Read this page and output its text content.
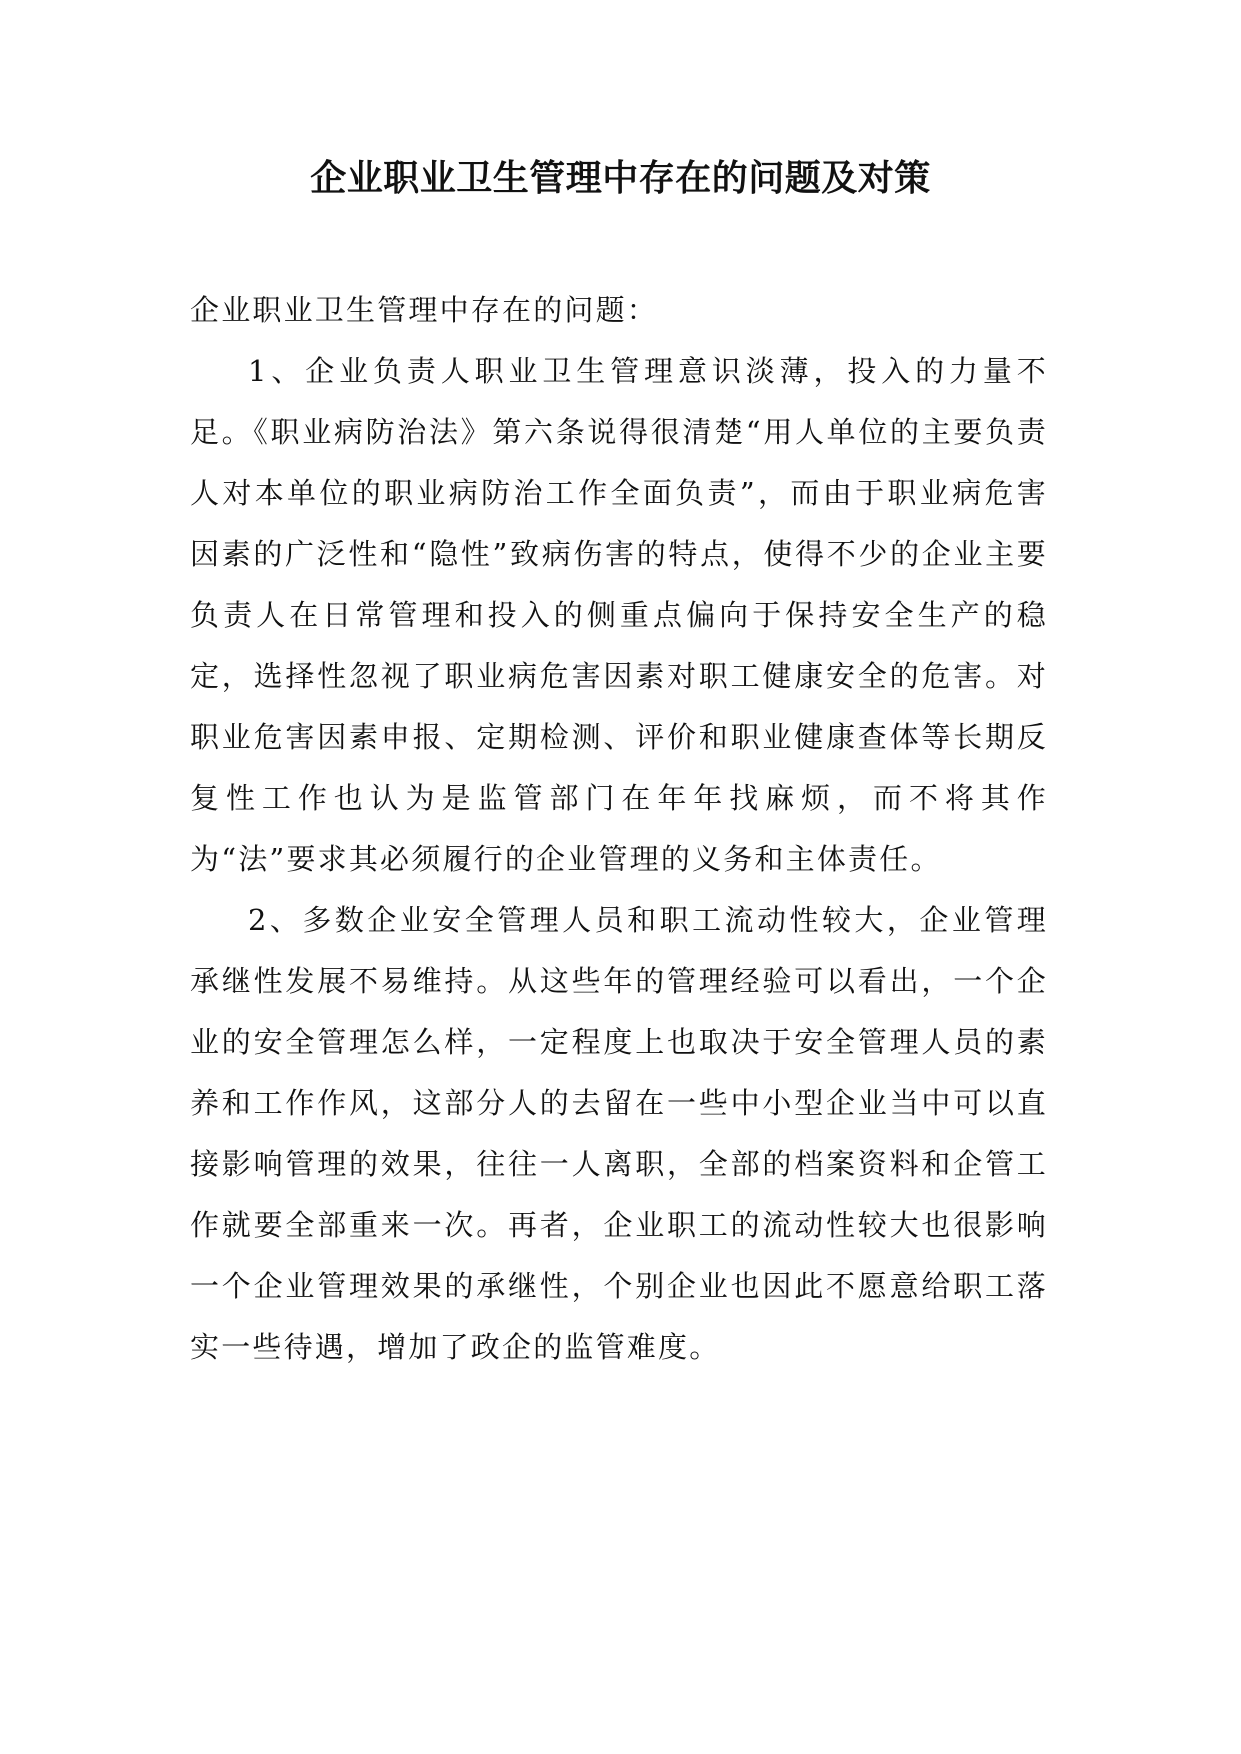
企业职业卫生管理中存在的问题及对策

企业职业卫生管理中存在的问题：

1、企业负责人职业卫生管理意识淡薄，投入的力量不足。《职业病防治法》第六条说得很清楚“用人单位的主要负责人对本单位的职业病防治工作全面负责”，而由于职业病危害因素的广泛性和“隐性”致病伤害的特点，使得不少的企业主要负责人在日常管理和投入的侧重点偏向于保持安全生产的稳定，选择性忽视了职业病危害因素对职工健康安全的危害。对职业危害因素申报、定期检测、评价和职业健康查体等长期反复性工作也认为是监管部门在年年找麻烦，而不将其作为“法”要求其必须履行的企业管理的义务和主体责任。

2、多数企业安全管理人员和职工流动性较大，企业管理承继性发展不易维持。从这些年的管理经验可以看出，一个企业的安全管理怎么样，一定程度上也取决于安全管理人员的素养和工作作风，这部分人的去留在一些中小型企业当中可以直接影响管理的效果，往往一人离职，全部的档案资料和企管工作就要全部重来一次。再者，企业职工的流动性较大也很影响一个企业管理效果的承继性，个别企业也因此不愿意给职工落实一些待遇，增加了政企的监管难度。
